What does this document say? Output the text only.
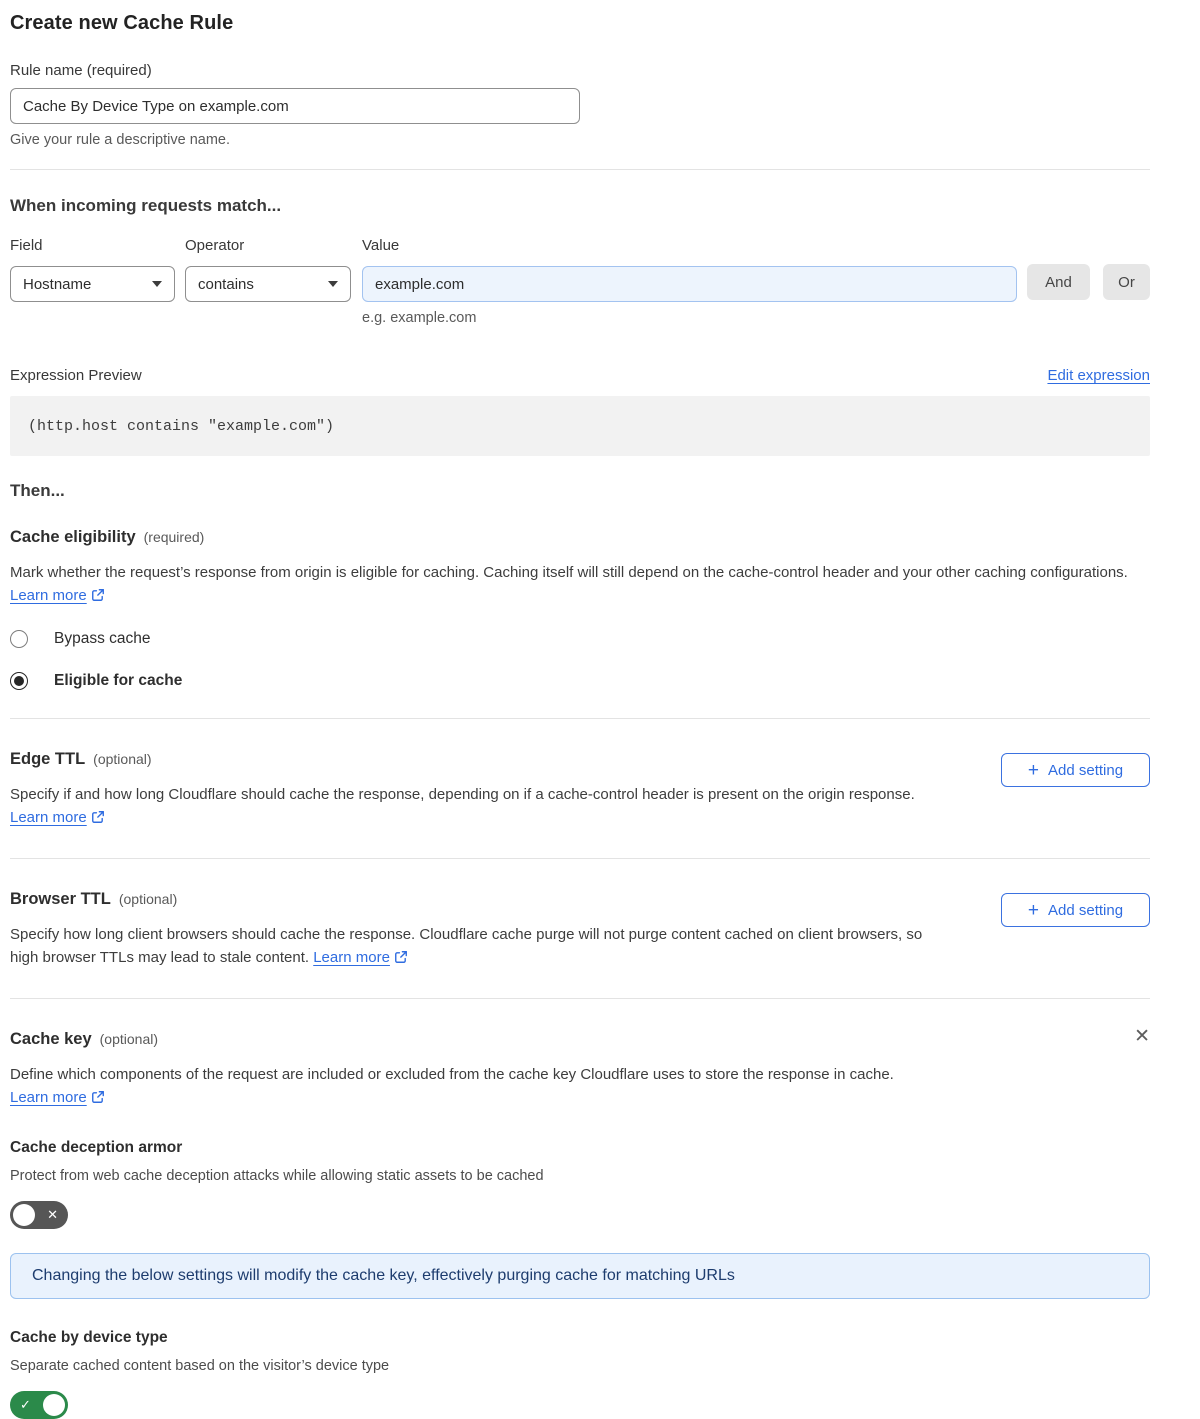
Create new Cache Rule
Rule name (required)
Cache By Device Type on example.com
Give your rule a descriptive name.
When incoming requests match...
Field
Hostname
Operator
contains
Value
example.com
e.g. example.com
And	Or
Expression Preview	Edit expression
(http.host contains "example.com")
Then...
Cache eligibility (required)

Mark whether the request’s response from origin is eligible for caching. Caching itself will still depend on the cache-control header and your other caching configurations. Learn more

Bypass cache
Eligible for cache
Edge TTL (optional)

Specify if and how long Cloudflare should cache the response, depending on if a cache-control header is present on the origin response. Learn more

+ Add setting
Browser TTL (optional)

Specify how long client browsers should cache the response. Cloudflare cache purge will not purge content cached on client browsers, so high browser TTLs may lead to stale content. Learn more

+ Add setting
✕
Cache key (optional)

Define which components of the request are included or excluded from the cache key Cloudflare uses to store the response in cache. Learn more

Cache deception armor
Protect from web cache deception attacks while allowing static assets to be cached
✕
Changing the below settings will modify the cache key, effectively purging cache for matching URLs
Cache by device type
Separate cached content based on the visitor’s device type
✓
